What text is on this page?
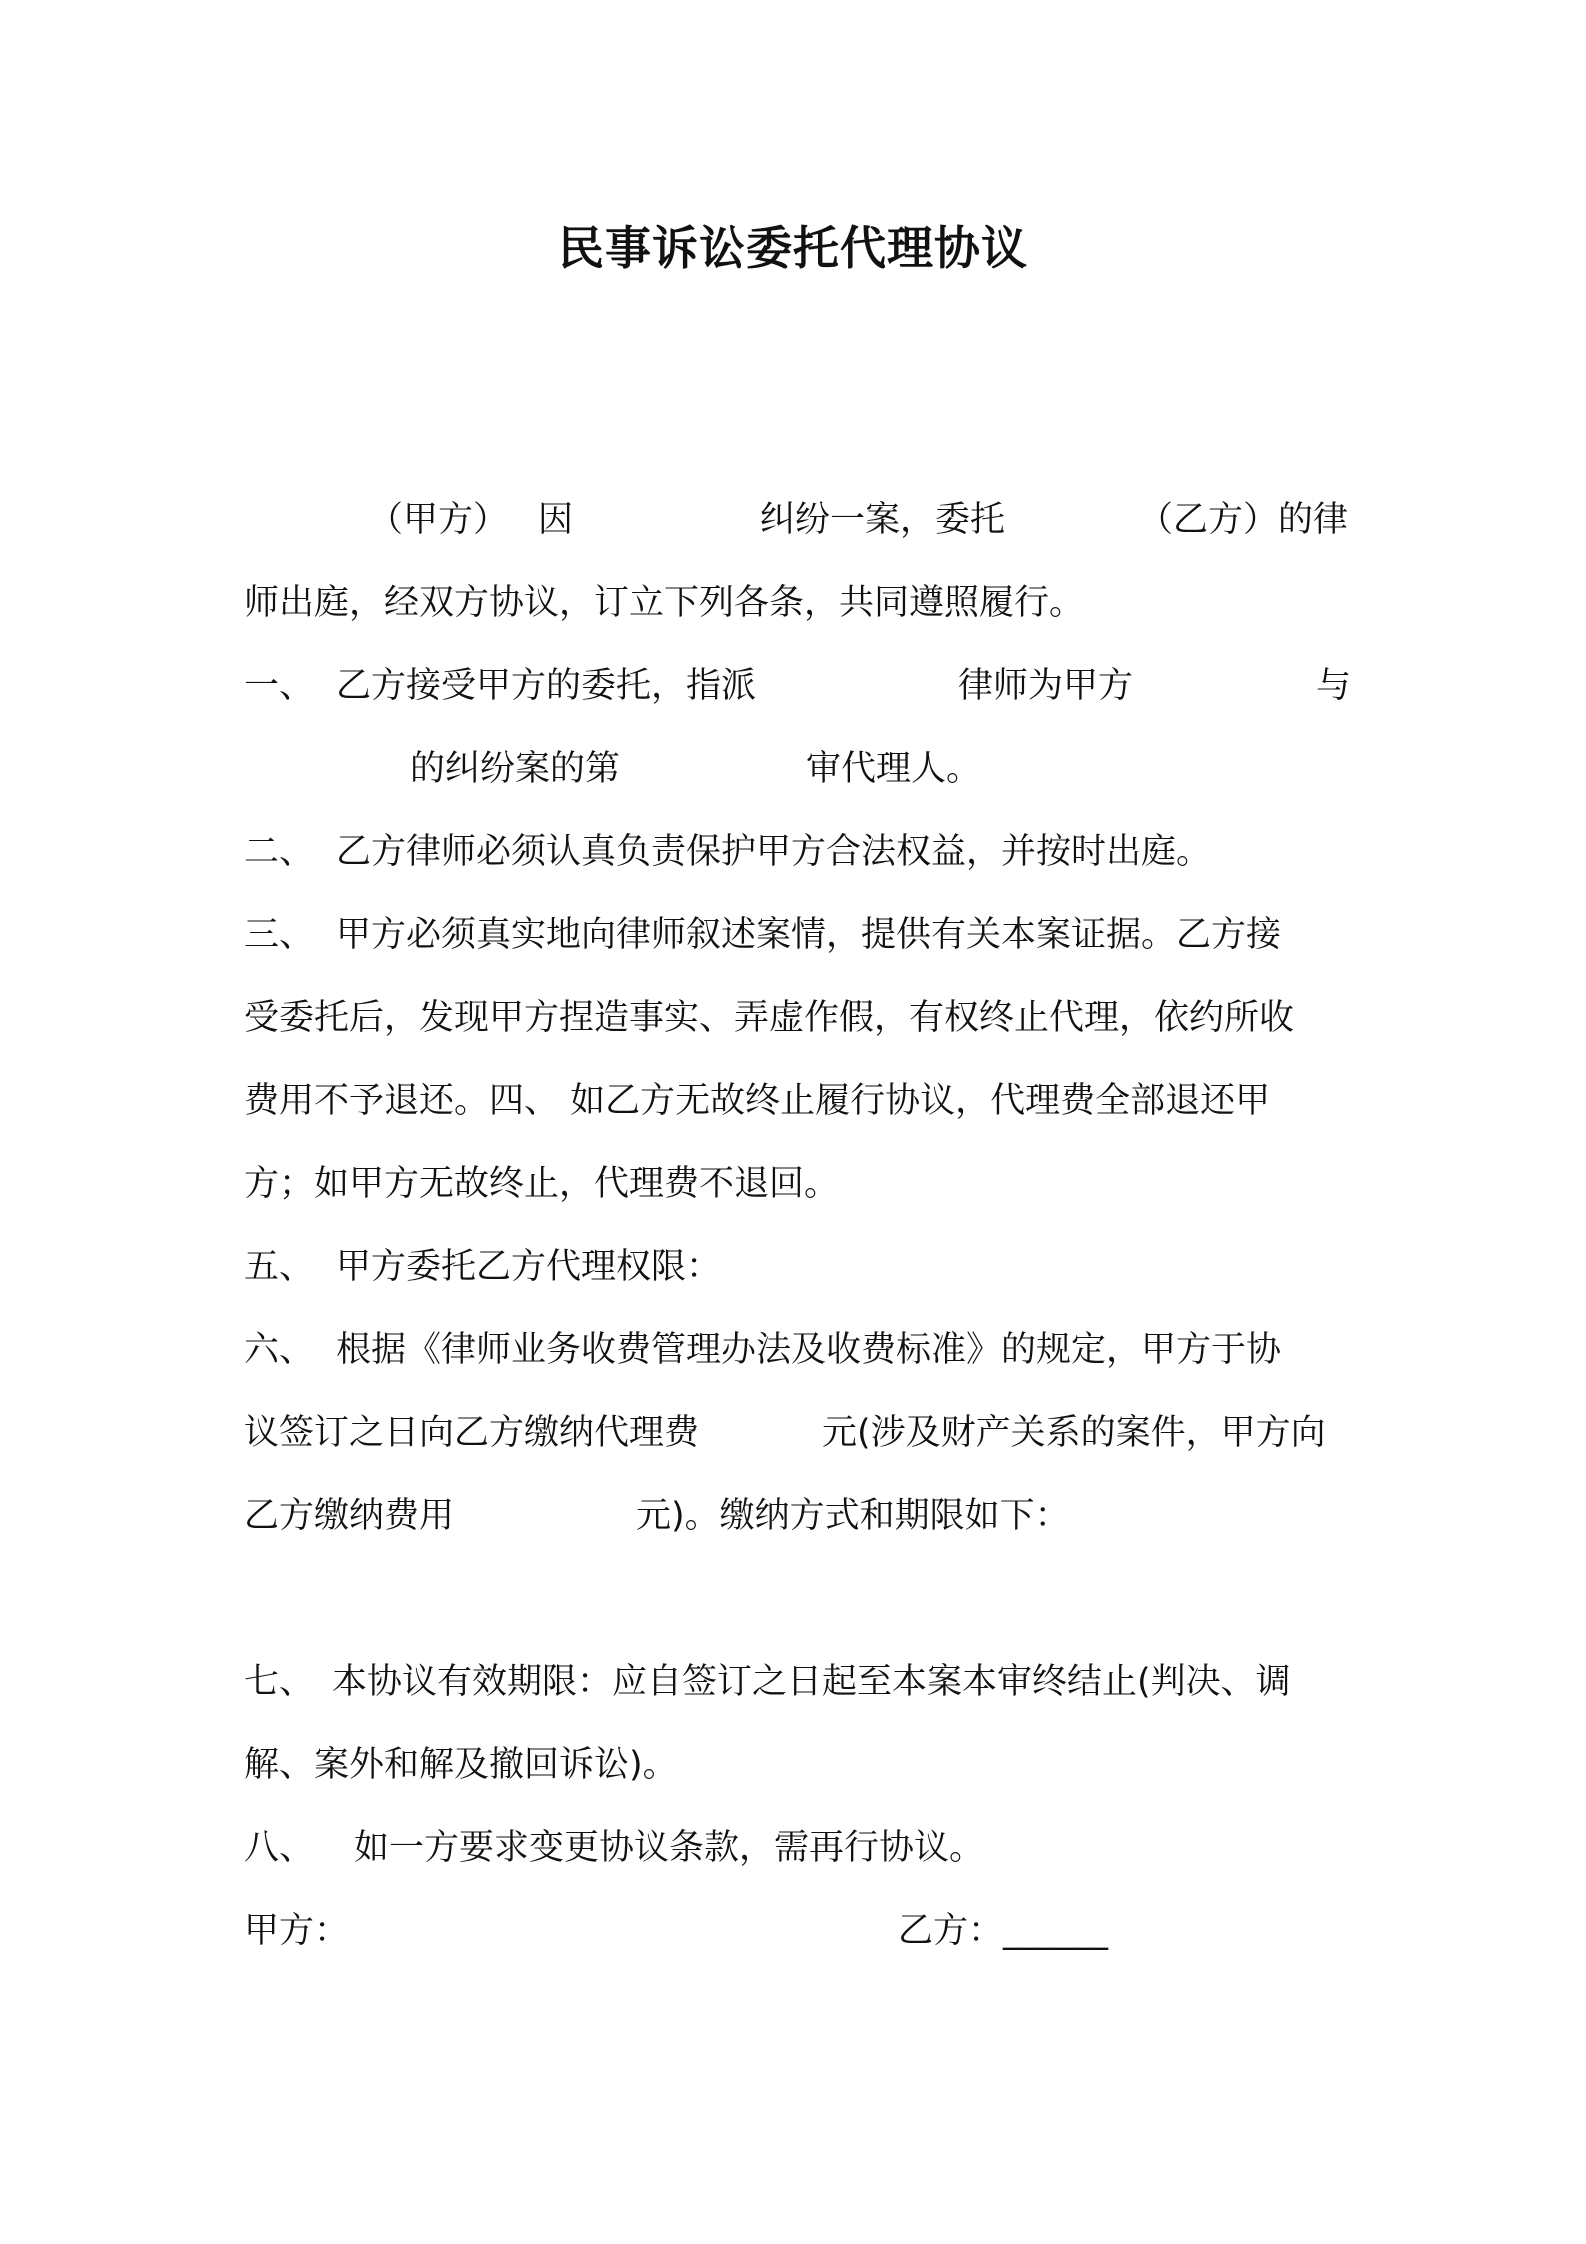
民事诉讼委托代理协议
（甲方） 因	纠纷一案，委托	（乙方）的律
师出庭，经双方协议，订立下列各条，共同遵照履行。
一、 乙方接受甲方的委托，指派	律师为甲方	与
的纠纷案的第	审代理人。
二、 乙方律师必须认真负责保护甲方合法权益，并按时出庭。
三、 甲方必须真实地向律师叙述案情，提供有关本案证据。乙方接
受委托后，发现甲方捏造事实、弄虚作假，有权终止代理，依约所收
费用不予退还。四、 如乙方无故终止履行协议，代理费全部退还甲
方；如甲方无故终止，代理费不退回。
五、 甲方委托乙方代理权限：
六、 根据《律师业务收费管理办法及收费标准》的规定，甲方于协
议签订之日向乙方缴纳代理费	元(涉及财产关系的案件，甲方向
乙方缴纳费用	元)。缴纳方式和期限如下：
七、 本协议有效期限：应自签订之日起至本案本审终结止(判决、调
解、案外和解及撤回诉讼)。
八、 如一方要求变更协议条款，需再行协议。
甲方：	乙方：______
